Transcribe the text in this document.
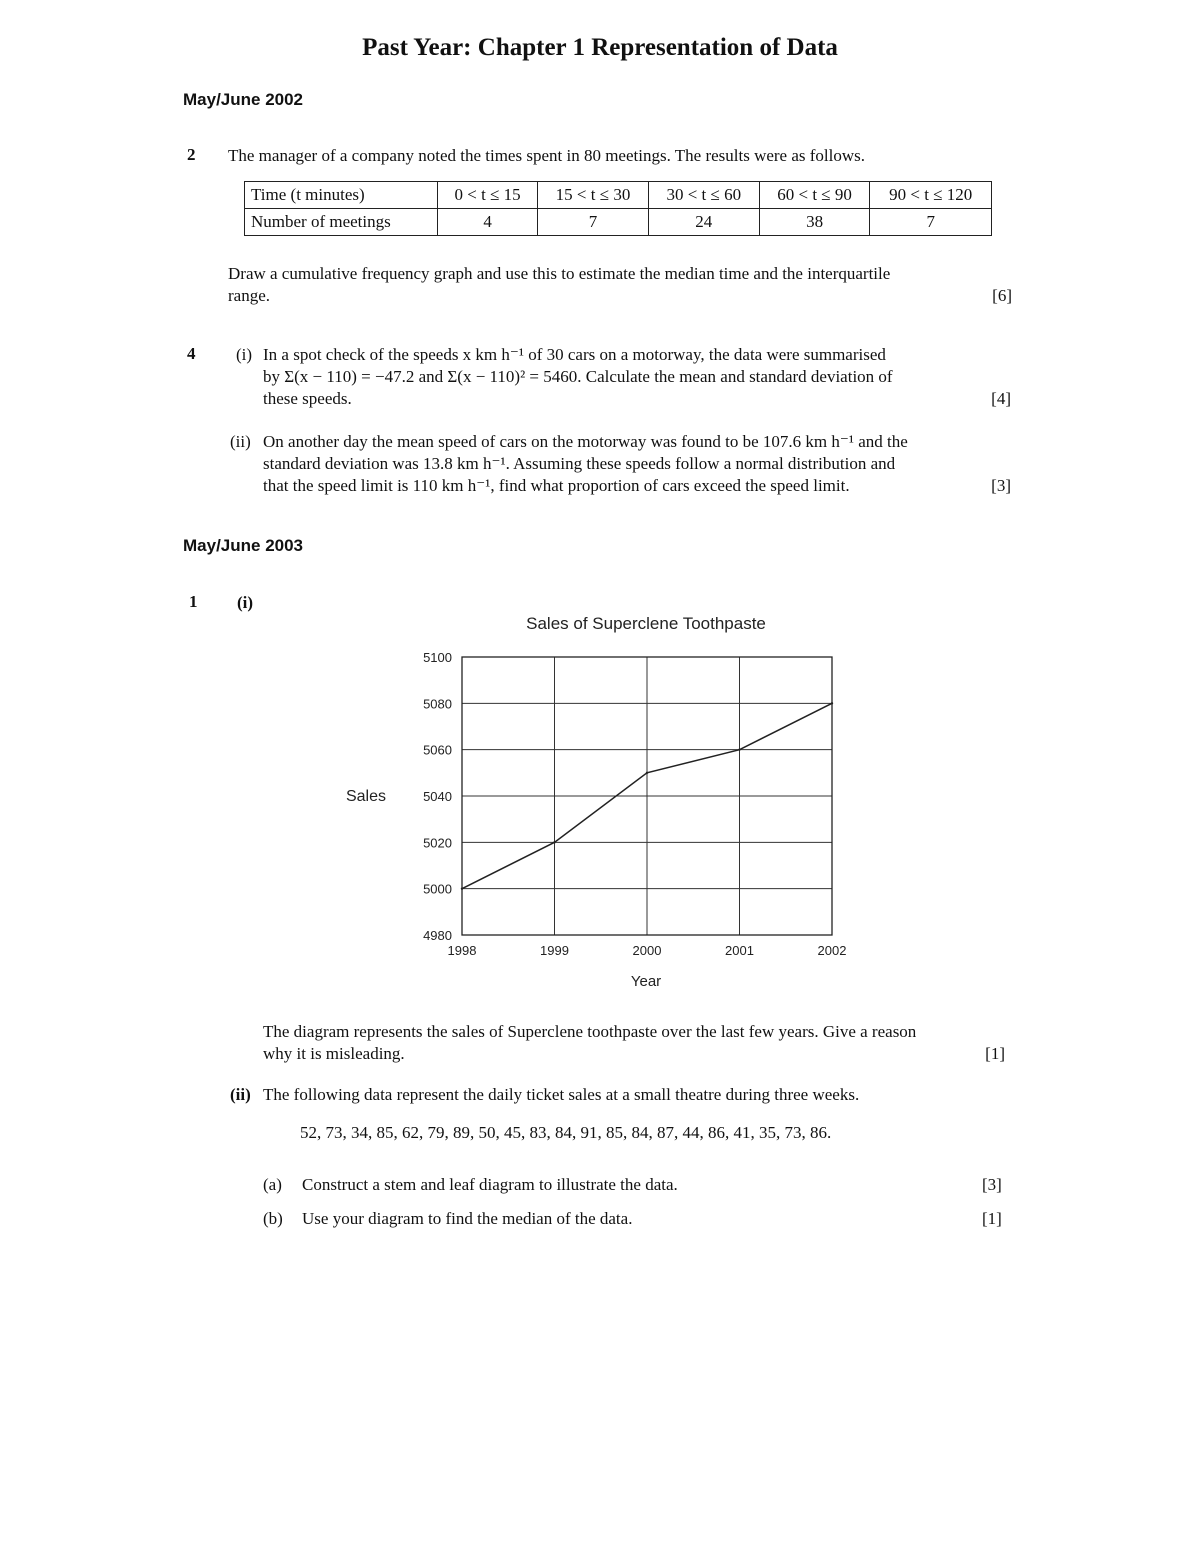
Past Year: Chapter 1 Representation of Data
May/June 2002
2 The manager of a company noted the times spent in 80 meetings. The results were as follows.
Time (t minutes)	0 < t ≤ 15	15 < t ≤ 30	30 < t ≤ 60	60 < t ≤ 90	90 < t ≤ 120
Number of meetings	4	7	24	38	7
Draw a cumulative frequency graph and use this to estimate the median time and the interquartile
range.	[6]
4 (i) In a spot check of the speeds x km h⁻¹ of 30 cars on a motorway, the data were summarised
by Σ(x − 110) = −47.2 and Σ(x − 110)² = 5460. Calculate the mean and standard deviation of
these speeds.	[4]
(ii) On another day the mean speed of cars on the motorway was found to be 107.6 km h⁻¹ and the
standard deviation was 13.8 km h⁻¹. Assuming these speeds follow a normal distribution and
that the speed limit is 110 km h⁻¹, find what proportion of cars exceed the speed limit.	[3]
May/June 2003
1 (i)
Sales of Superclene Toothpaste
5100
5080
5060
5040
5020
5000
4980
1998	1999	2000	2001	2002
Sales
Year
The diagram represents the sales of Superclene toothpaste over the last few years. Give a reason
why it is misleading.	[1]
(ii) The following data represent the daily ticket sales at a small theatre during three weeks.
52, 73, 34, 85, 62, 79, 89, 50, 45, 83, 84, 91, 85, 84, 87, 44, 86, 41, 35, 73, 86.
(a) Construct a stem and leaf diagram to illustrate the data.	[3]
(b) Use your diagram to find the median of the data.	[1]
